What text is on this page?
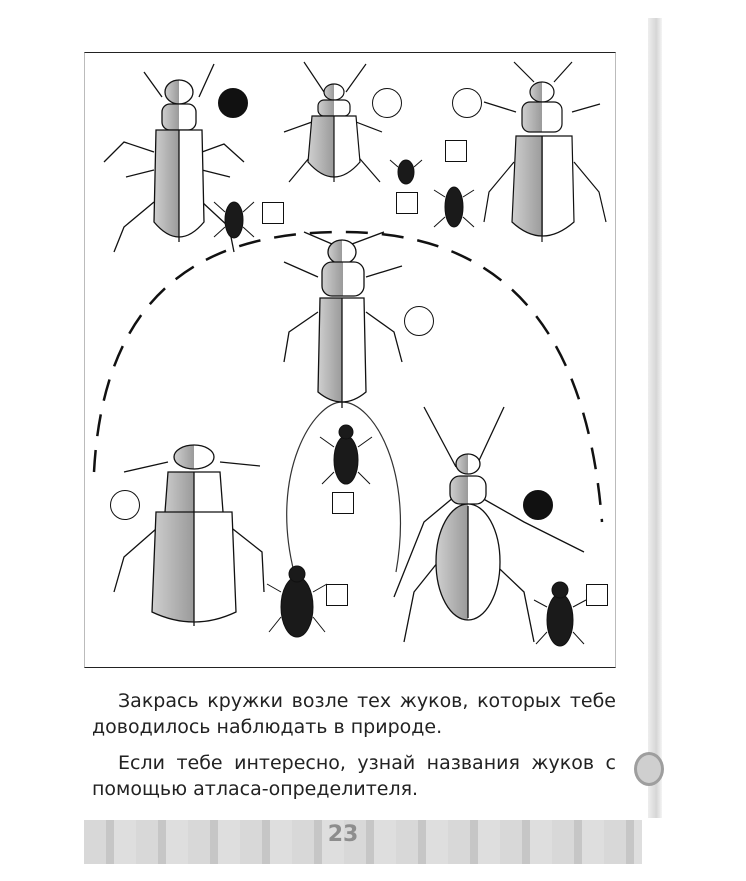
Закрась кружки возле тех жуков, которых тебе доводилось наблюдать в природе.

Если тебе интересно, узнай названия жуков с помощью атласа-определителя.

23
